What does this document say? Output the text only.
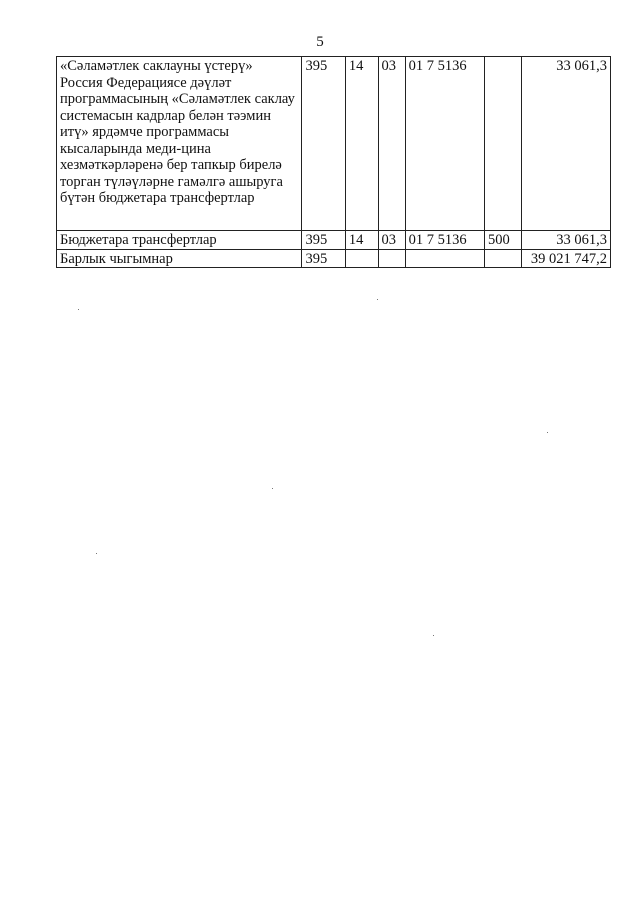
5
«Сәламәтлек саклауны үстерү» Россия Федерациясе дәүләт программасының «Сәламәтлек саклау системасын кадрлар белән тәэмин итү» ярдәмче программасы кысаларында меди-цина хезмәткәрләренә бер тапкыр бирелә торган түләүләрне гамәлгә ашыруга бүтән бюджетара трансфертлар	395	14	03	01 7 5136		33 061,3
Бюджетара трансфертлар	395	14	03	01 7 5136	500	33 061,3
Барлык чыгымнар	395					39 021 747,2
